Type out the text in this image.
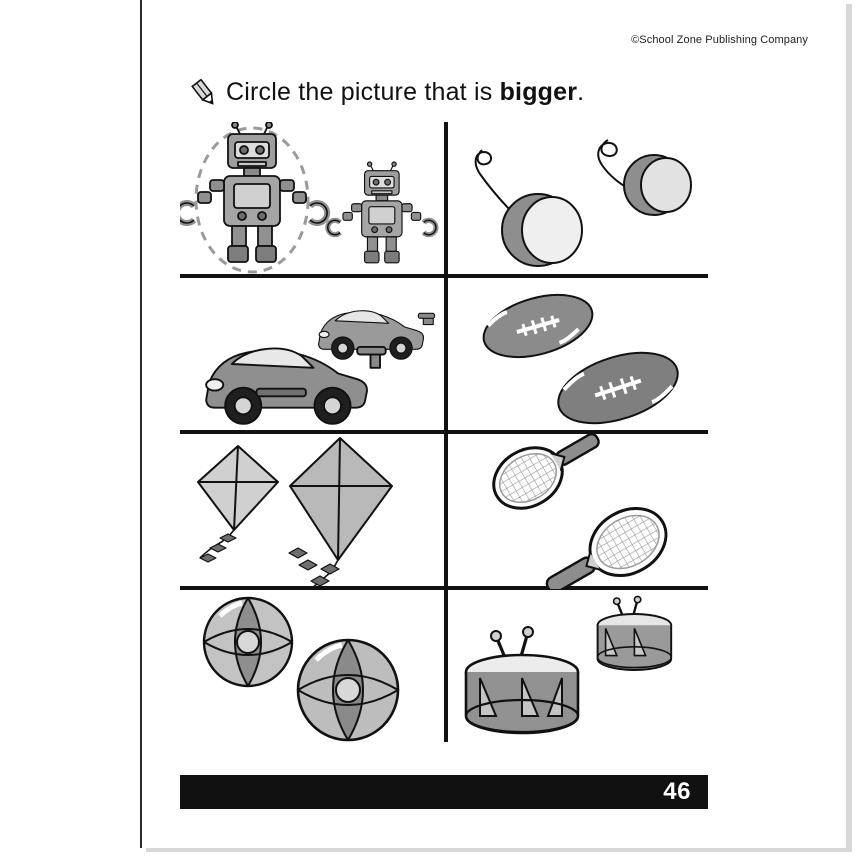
©School Zone Publishing Company
Circle the picture that is bigger.
46
